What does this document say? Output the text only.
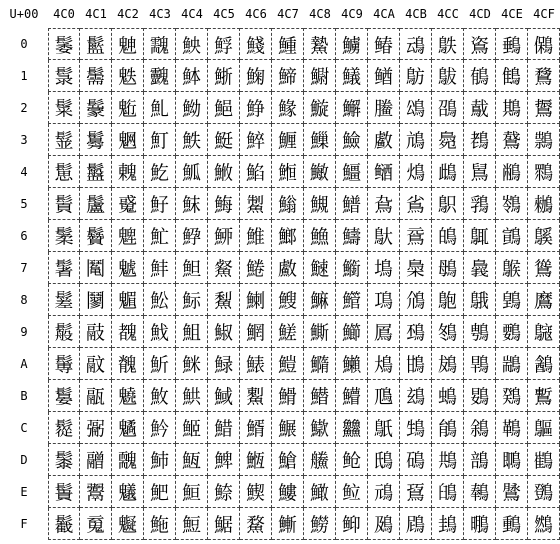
U+00	4C0 4C1 4C2 4C3 4C4 4C5 4C6 4C7 4C8 4C9 4CA 4CB 4CC 4CD 4CE 4CF
0	䰀 䰐 䰠 䰰 䱀 䱐 䱠 䱰 䲀 䲐 䲠 䲰 䳀 䳐 䳠 䳰
1	䰁 䰑 䰡 䰱 䱁 䱑 䱡 䱱 䲁 䲑 䲡 䲱 䳁 䳑 䳡 䳱
2	䰂 䰒 䰢 䰲 䱂 䱒 䱢 䱲 䲂 䲒 䲢 䲲 䳂 䳒 䳢 䳲
3	䰃 䰓 䰣 䰳 䱃 䱓 䱣 䱳 䲃 䲓 䲣 䲳 䳃 䳓 䳣 䳳
4	䰄 䰔 䰤 䰴 䱄 䱔 䱤 䱴 䲄 䲔 䲤 䲴 䳄 䳔 䳤 䳴
5	䰅 䰕 䰥 䰵 䱅 䱕 䱥 䱵 䲅 䲕 䲥 䲵 䳅 䳕 䳥 䳵
6	䰆 䰖 䰦 䰶 䱆 䱖 䱦 䱶 䲆 䲖 䲦 䲶 䳆 䳖 䳦 䳶
7	䰇 䰗 䰧 䰷 䱇 䱗 䱧 䱷 䲇 䲗 䲧 䲷 䳇 䳗 䳧 䳷
8	䰈 䰘 䰨 䰸 䱈 䱘 䱨 䱸 䲈 䲘 䲨 䲸 䳈 䳘 䳨 䳸
9	䰉 䰙 䰩 䰹 䱉 䱙 䱩 䱹 䲉 䲙 䲩 䲹 䳉 䳙 䳩 䳹
A	䰊 䰚 䰪 䰺 䱊 䱚 䱪 䱺 䲊 䲚 䲪 䲺 䳊 䳚 䳪 䳺
B	䰋 䰛 䰫 䰻 䱋 䱛 䱫 䱻 䲋 䲛 䲫 䲻 䳋 䳛 䳫 䳻
C	䰌 䰜 䰬 䰼 䱌 䱜 䱬 䱼 䲌 䲜 䲬 䲼 䳌 䳜 䳬 䳼
D	䰍 䰝 䰭 䰽 䱍 䱝 䱭 䱽 䲍 䲝 䲭 䲽 䳍 䳝 䳭 䳽
E	䰎 䰞 䰮 䰾 䱎 䱞 䱮 䱾 䲎 䲞 䲮 䲾 䳎 䳞 䳮 䳾
F	䰏 䰟 䰯 䰿 䱏 䱟 䱯 䱿 䲏 䲟 䲯 䲿 䳏 䳟 䳯 䳿
